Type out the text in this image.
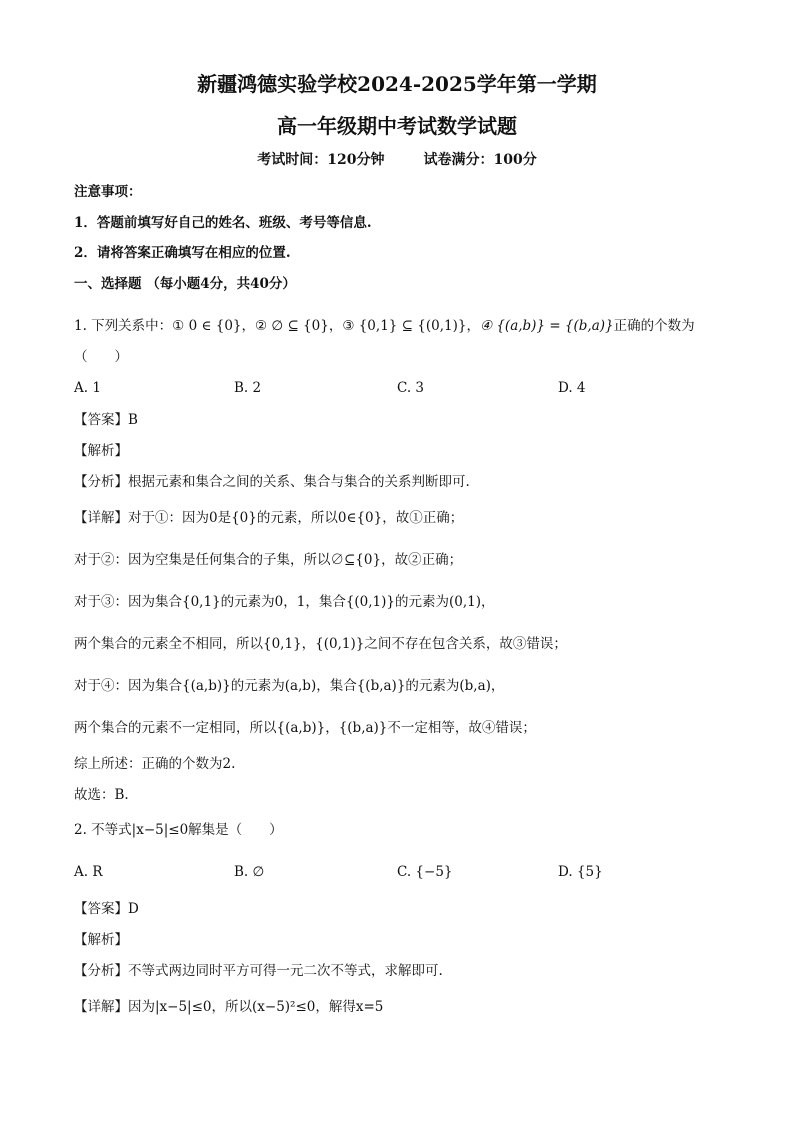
新疆鸿德实验学校2024-2025学年第一学期
高一年级期中考试数学试题
考试时间：120分钟        试卷满分：100分
注意事项：
1．答题前填写好自己的姓名、班级、考号等信息.
2．请将答案正确填写在相应的位置.
一、选择题 （每小题4分，共40分）
1. 下列关系中：① 0 ∈ {0}，② ∅ ⊆ {0}，③ {0,1} ⊆ {(0,1)}，④ {(a,b)} = {(b,a)}正确的个数为
（　　）
A. 1	B. 2	C. 3	D. 4
【答案】B
【解析】
【分析】根据元素和集合之间的关系、集合与集合的关系判断即可.
【详解】对于①：因为0是{0}的元素，所以0∈{0}，故①正确；
对于②：因为空集是任何集合的子集，所以∅⊆{0}，故②正确；
对于③：因为集合{0,1}的元素为0，1，集合{(0,1)}的元素为(0,1)，
两个集合的元素全不相同，所以{0,1}，{(0,1)}之间不存在包含关系，故③错误；
对于④：因为集合{(a,b)}的元素为(a,b)，集合{(b,a)}的元素为(b,a)，
两个集合的元素不一定相同，所以{(a,b)}，{(b,a)}不一定相等，故④错误；
综上所述：正确的个数为2.
故选：B.
2. 不等式|x−5|≤0解集是（　　）
A. R	B. ∅	C. {−5}	D. {5}
【答案】D
【解析】
【分析】不等式两边同时平方可得一元二次不等式，求解即可.
【详解】因为|x−5|≤0，所以(x−5)²≤0，解得x=5
